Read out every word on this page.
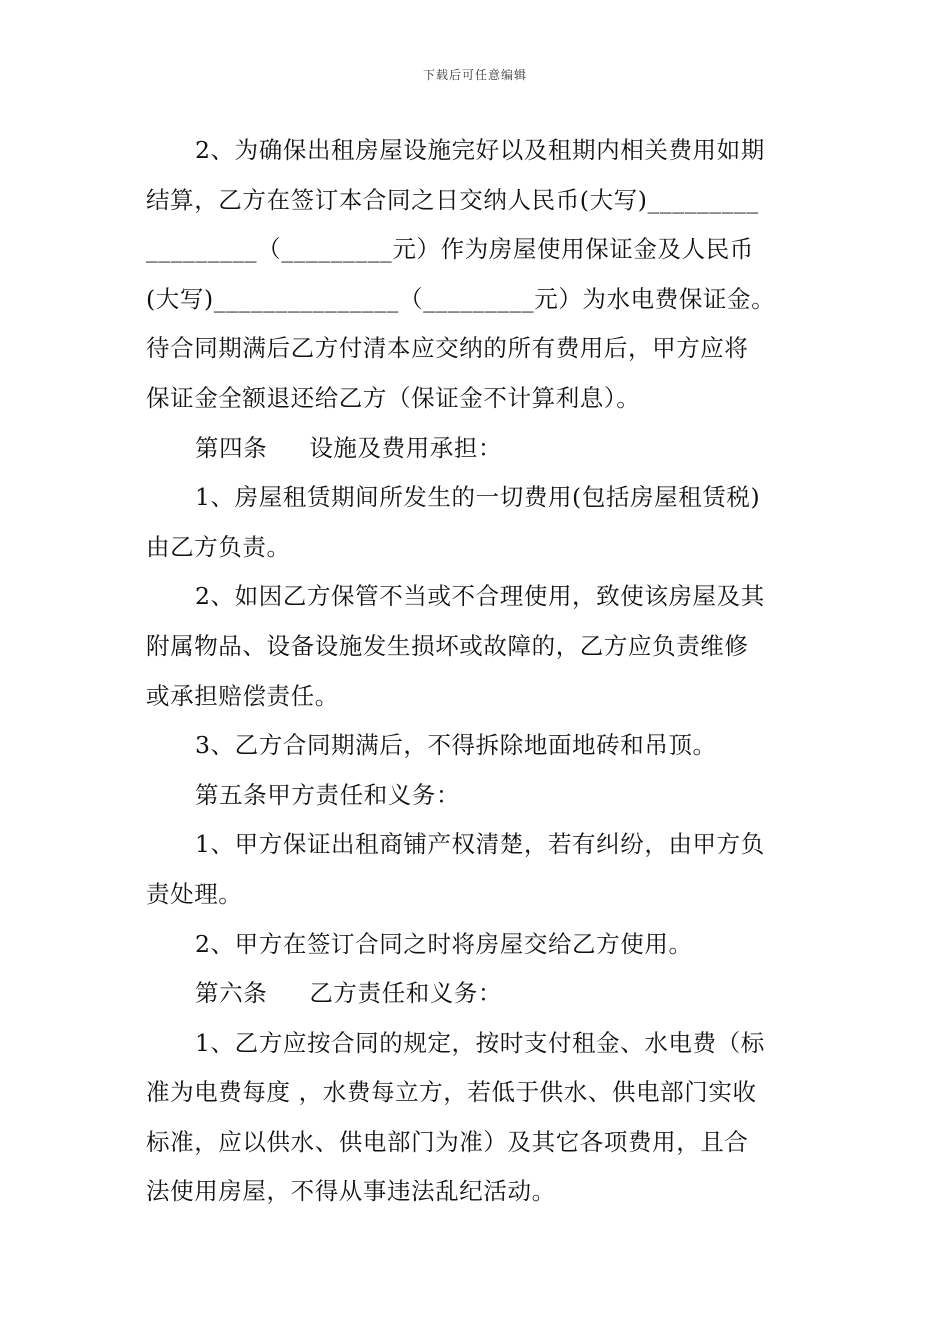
下载后可任意编辑
2、为确保出租房屋设施完好以及租期内相关费用如期
结算，乙方在签订本合同之日交纳人民币(大写)_________
_________（_________元）作为房屋使用保证金及人民币
(大写)_______________（_________元）为水电费保证金。
待合同期满后乙方付清本应交纳的所有费用后，甲方应将
保证金全额退还给乙方（保证金不计算利息）。
第四条 设施及费用承担：
1、房屋租赁期间所发生的一切费用(包括房屋租赁税)
由乙方负责。
2、如因乙方保管不当或不合理使用，致使该房屋及其
附属物品、设备设施发生损坏或故障的，乙方应负责维修
或承担赔偿责任。
3、乙方合同期满后，不得拆除地面地砖和吊顶。
第五条甲方责任和义务：
1、甲方保证出租商铺产权清楚，若有纠纷，由甲方负
责处理。
2、甲方在签订合同之时将房屋交给乙方使用。
第六条 乙方责任和义务：
1、乙方应按合同的规定，按时支付租金、水电费（标
准为电费每度 ，水费每立方，若低于供水、供电部门实收
标准，应以供水、供电部门为准）及其它各项费用，且合
法使用房屋，不得从事违法乱纪活动。
